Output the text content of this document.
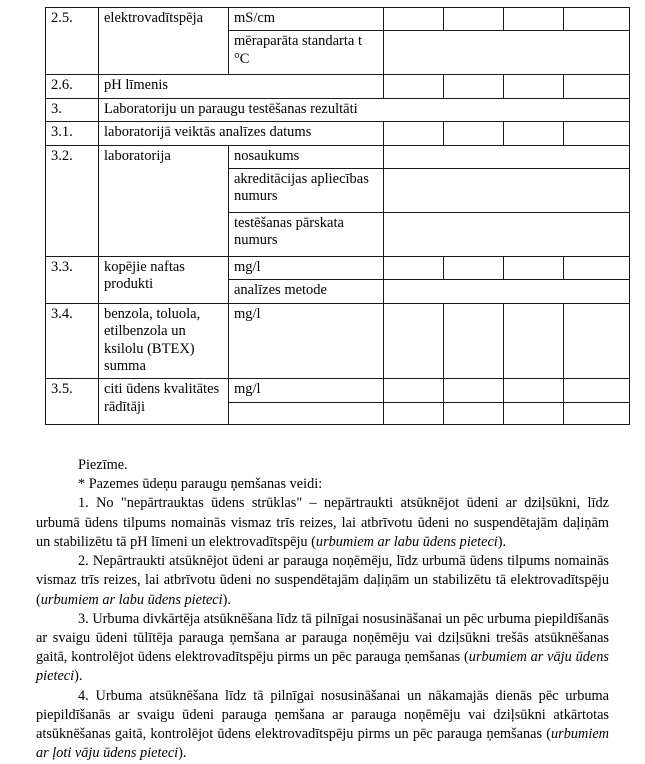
2.5.	elektrovadītspēja	mS/cm				
		mēraparāta standarta t °C				
2.6.	pH līmenis					
3.	Laboratoriju un paraugu testēšanas rezultāti					
3.1.	laboratorijā veiktās analīzes datums					
3.2.	laboratorija	nosaukums				
		akreditācijas apliecības numurs				
		testēšanas pārskata numurs				
3.3.	kopējie naftas produkti	mg/l				
		analīzes metode				
3.4.	benzola, toluola, etilbenzola un ksilolu (BTEX) summa	mg/l				
3.5.	citi ūdens kvalitātes rādītāji	mg/l				

Piezīme.

* Pazemes ūdeņu paraugu ņemšanas veidi:

1. No "nepārtrauktas ūdens strūklas" – nepārtraukti atsūknējot ūdeni ar dziļsūkni, līdz urbumā ūdens tilpums nomainās vismaz trīs reizes, lai atbrīvotu ūdeni no suspendētajām daļiņām un stabilizētu tā pH līmeni un elektrovadītspēju (urbumiem ar labu ūdens pieteci).

2. Nepārtraukti atsūknējot ūdeni ar parauga noņēmēju, līdz urbumā ūdens tilpums nomainās vismaz trīs reizes, lai atbrīvotu ūdeni no suspendētajām daļiņām un stabilizētu tā elektrovadītspēju (urbumiem ar labu ūdens pieteci).

3. Urbuma divkārtēja atsūknēšana līdz tā pilnīgai nosusināšanai un pēc urbuma piepildīšanās ar svaigu ūdeni tūlītēja parauga ņemšana ar parauga noņēmēju vai dziļsūkni trešās atsūknēšanas gaitā, kontrolējot ūdens elektrovadītspēju pirms un pēc parauga ņemšanas (urbumiem ar vāju ūdens pieteci).

4. Urbuma atsūknēšana līdz tā pilnīgai nosusināšanai un nākamajās dienās pēc urbuma piepildīšanās ar svaigu ūdeni parauga ņemšana ar parauga noņēmēju vai dziļsūkni atkārtotas atsūknēšanas gaitā, kontrolējot ūdens elektrovadītspēju pirms un pēc parauga ņemšanas (urbumiem ar ļoti vāju ūdens pieteci).
